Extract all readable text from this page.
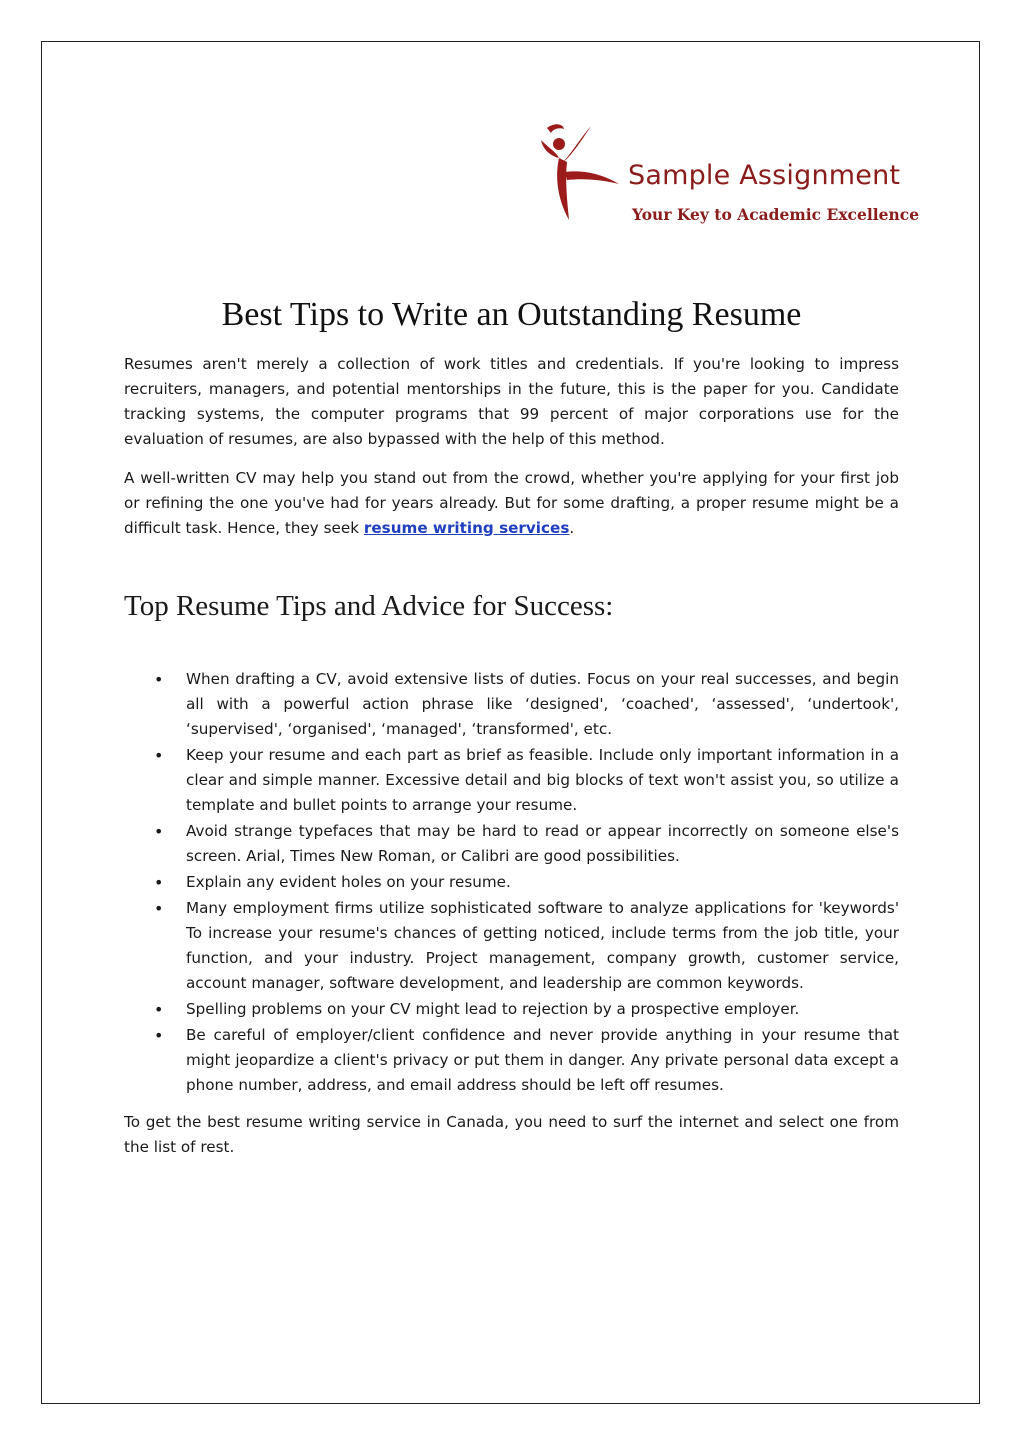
Sample Assignment
Your Key to Academic Excellence
Best Tips to Write an Outstanding Resume

Resumes aren't merely a collection of work titles and credentials. If you're looking to impress recruiters, managers, and potential mentorships in the future, this is the paper for you. Candidate tracking systems, the computer programs that 99 percent of major corporations use for the evaluation of resumes, are also bypassed with the help of this method.

A well-written CV may help you stand out from the crowd, whether you're applying for your first job or refining the one you've had for years already. But for some drafting, a proper resume might be a difficult task. Hence, they seek resume writing services.

Top Resume Tips and Advice for Success:
• When drafting a CV, avoid extensive lists of duties. Focus on your real successes, and begin all with a powerful action phrase like ‘designed', ‘coached', ‘assessed', ‘undertook', ‘supervised', ‘organised', ‘managed', ‘transformed', etc.
• Keep your resume and each part as brief as feasible. Include only important information in a clear and simple manner. Excessive detail and big blocks of text won't assist you, so utilize a template and bullet points to arrange your resume.
• Avoid strange typefaces that may be hard to read or appear incorrectly on someone else's screen. Arial, Times New Roman, or Calibri are good possibilities.
• Explain any evident holes on your resume.
• Many employment firms utilize sophisticated software to analyze applications for 'keywords' To increase your resume's chances of getting noticed, include terms from the job title, your function, and your industry. Project management, company growth, customer service, account manager, software development, and leadership are common keywords.
• Spelling problems on your CV might lead to rejection by a prospective employer.
• Be careful of employer/client confidence and never provide anything in your resume that might jeopardize a client's privacy or put them in danger. Any private personal data except a phone number, address, and email address should be left off resumes.

To get the best resume writing service in Canada, you need to surf the internet and select one from the list of rest.
